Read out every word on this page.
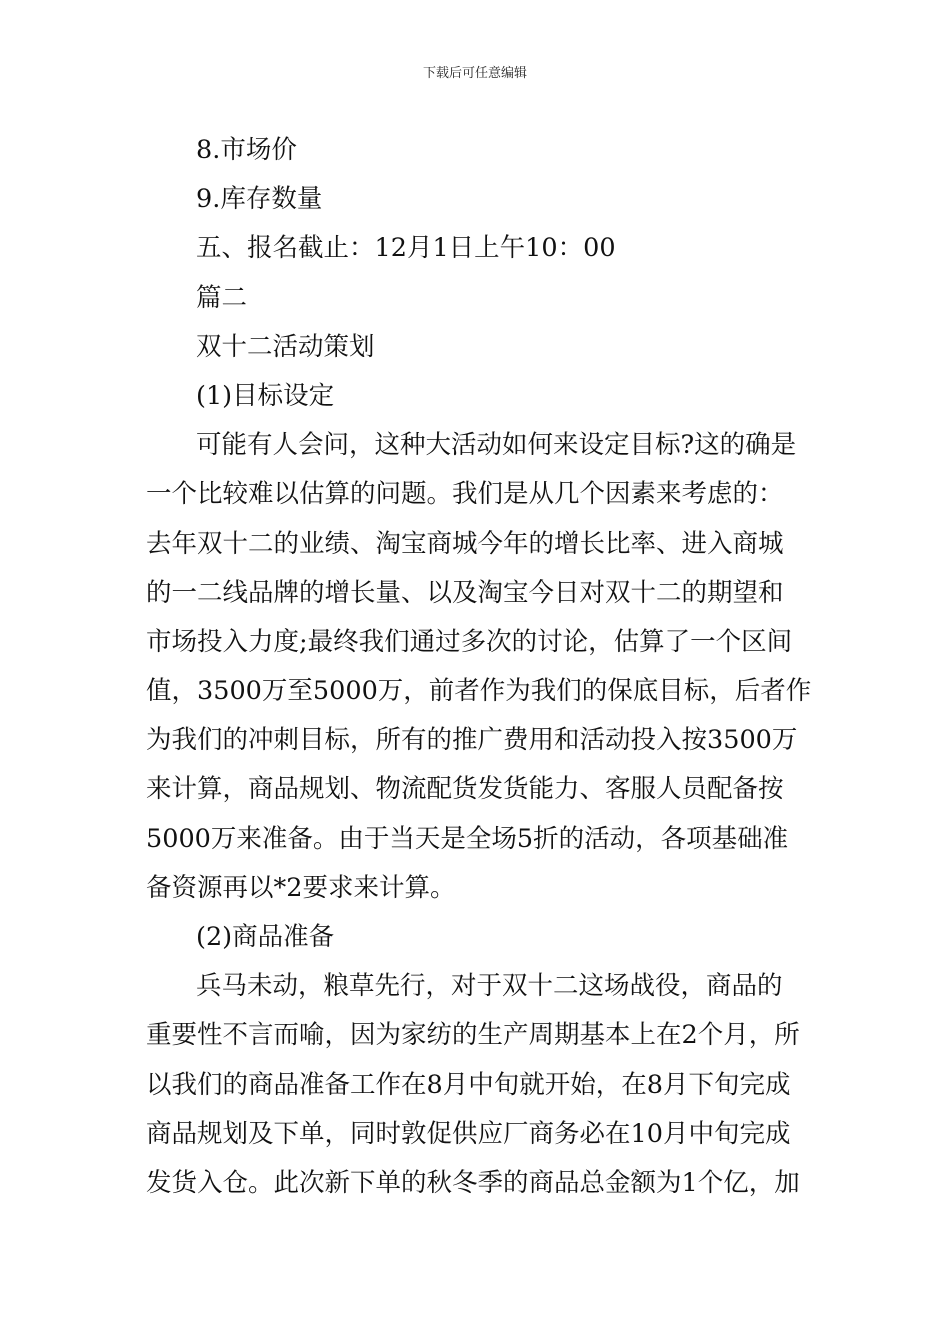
下载后可任意编辑
8.市场价
9.库存数量
五、报名截止：12月1日上午10：00
篇二
双十二活动策划
(1)目标设定
可能有人会问，这种大活动如何来设定目标?这的确是
一个比较难以估算的问题。我们是从几个因素来考虑的：
去年双十二的业绩、淘宝商城今年的增长比率、进入商城
的一二线品牌的增长量、以及淘宝今日对双十二的期望和
市场投入力度;最终我们通过多次的讨论，估算了一个区间
值，3500万至5000万，前者作为我们的保底目标，后者作
为我们的冲刺目标，所有的推广费用和活动投入按3500万
来计算，商品规划、物流配货发货能力、客服人员配备按
5000万来准备。由于当天是全场5折的活动，各项基础准
备资源再以*2要求来计算。
(2)商品准备
兵马未动，粮草先行，对于双十二这场战役，商品的
重要性不言而喻，因为家纺的生产周期基本上在2个月，所
以我们的商品准备工作在8月中旬就开始，在8月下旬完成
商品规划及下单，同时敦促供应厂商务必在10月中旬完成
发货入仓。此次新下单的秋冬季的商品总金额为1个亿，加
